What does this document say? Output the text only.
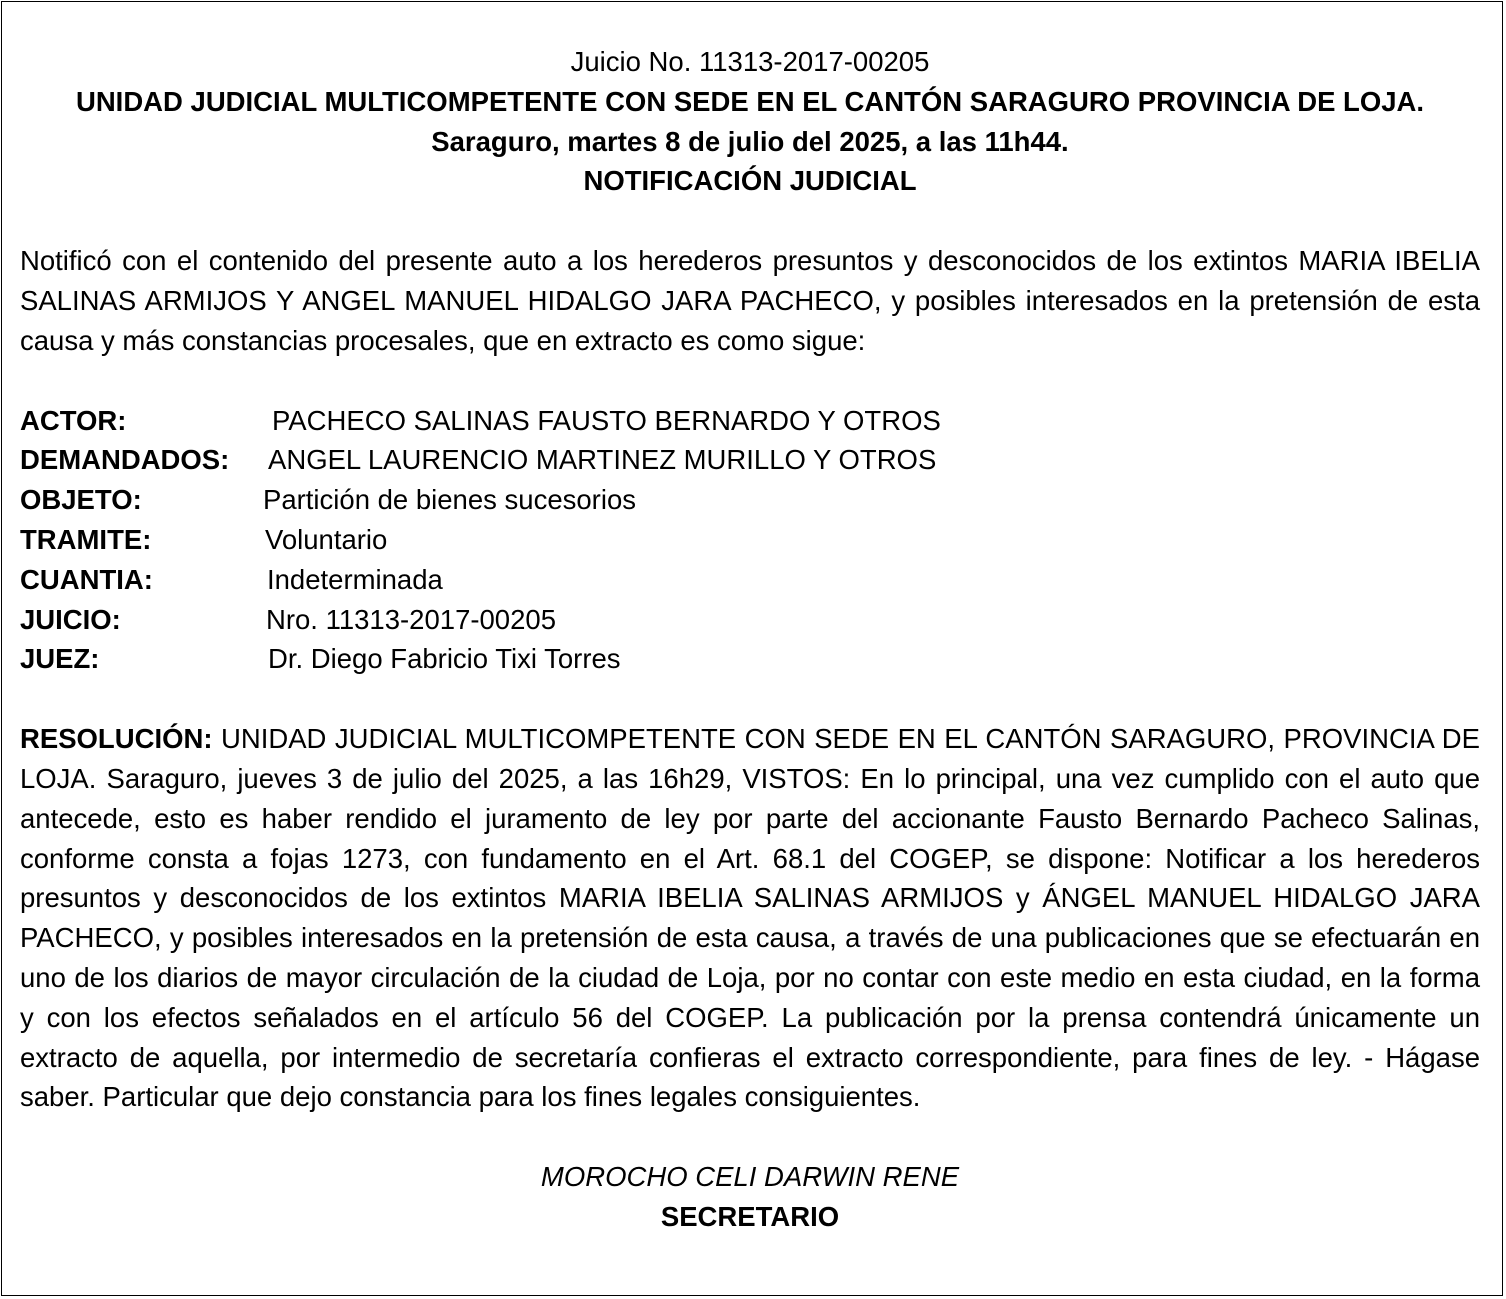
Juicio No. 11313-2017-00205
UNIDAD JUDICIAL MULTICOMPETENTE CON SEDE EN EL CANTÓN SARAGURO PROVINCIA DE LOJA. Saraguro, martes 8 de julio del 2025, a las 11h44.
NOTIFICACIÓN JUDICIAL
Notificó con el contenido del presente auto a los herederos presuntos y desconocidos de los extintos MARIA IBELIA SALINAS ARMIJOS Y ANGEL MANUEL HIDALGO JARA PACHECO, y posibles interesados en la pretensión de esta causa y más constancias procesales, que en extracto es como sigue:
ACTOR:	PACHECO SALINAS FAUSTO BERNARDO Y OTROS
DEMANDADOS:	ANGEL LAURENCIO MARTINEZ MURILLO Y OTROS
OBJETO:	Partición de bienes sucesorios
TRAMITE:	Voluntario
CUANTIA:	Indeterminada
JUICIO:	Nro. 11313-2017-00205
JUEZ:	Dr. Diego Fabricio Tixi Torres
RESOLUCIÓN: UNIDAD JUDICIAL MULTICOMPETENTE CON SEDE EN EL CANTÓN SARAGURO, PROVINCIA DE LOJA. Saraguro, jueves 3 de julio del 2025, a las 16h29, VISTOS: En lo principal, una vez cumplido con el auto que antecede, esto es haber rendido el juramento de ley por parte del accionante Fausto Bernardo Pacheco Salinas, conforme consta a fojas 1273, con fundamento en el Art. 68.1 del COGEP, se dispone: Notificar a los herederos presuntos y desconocidos de los extintos MARIA IBELIA SALINAS ARMIJOS y ÁNGEL MANUEL HIDALGO JARA PACHECO, y posibles interesados en la pretensión de esta causa, a través de una publicaciones que se efectuarán en uno de los diarios de mayor circulación de la ciudad de Loja, por no contar con este medio en esta ciudad, en la forma y con los efectos señalados en el artículo 56 del COGEP. La publicación por la prensa contendrá únicamente un extracto de aquella, por intermedio de secretaría confieras el extracto correspondiente, para fines de ley. - Hágase saber. Particular que dejo constancia para los fines legales consiguientes.
MOROCHO CELI DARWIN RENE
SECRETARIO
